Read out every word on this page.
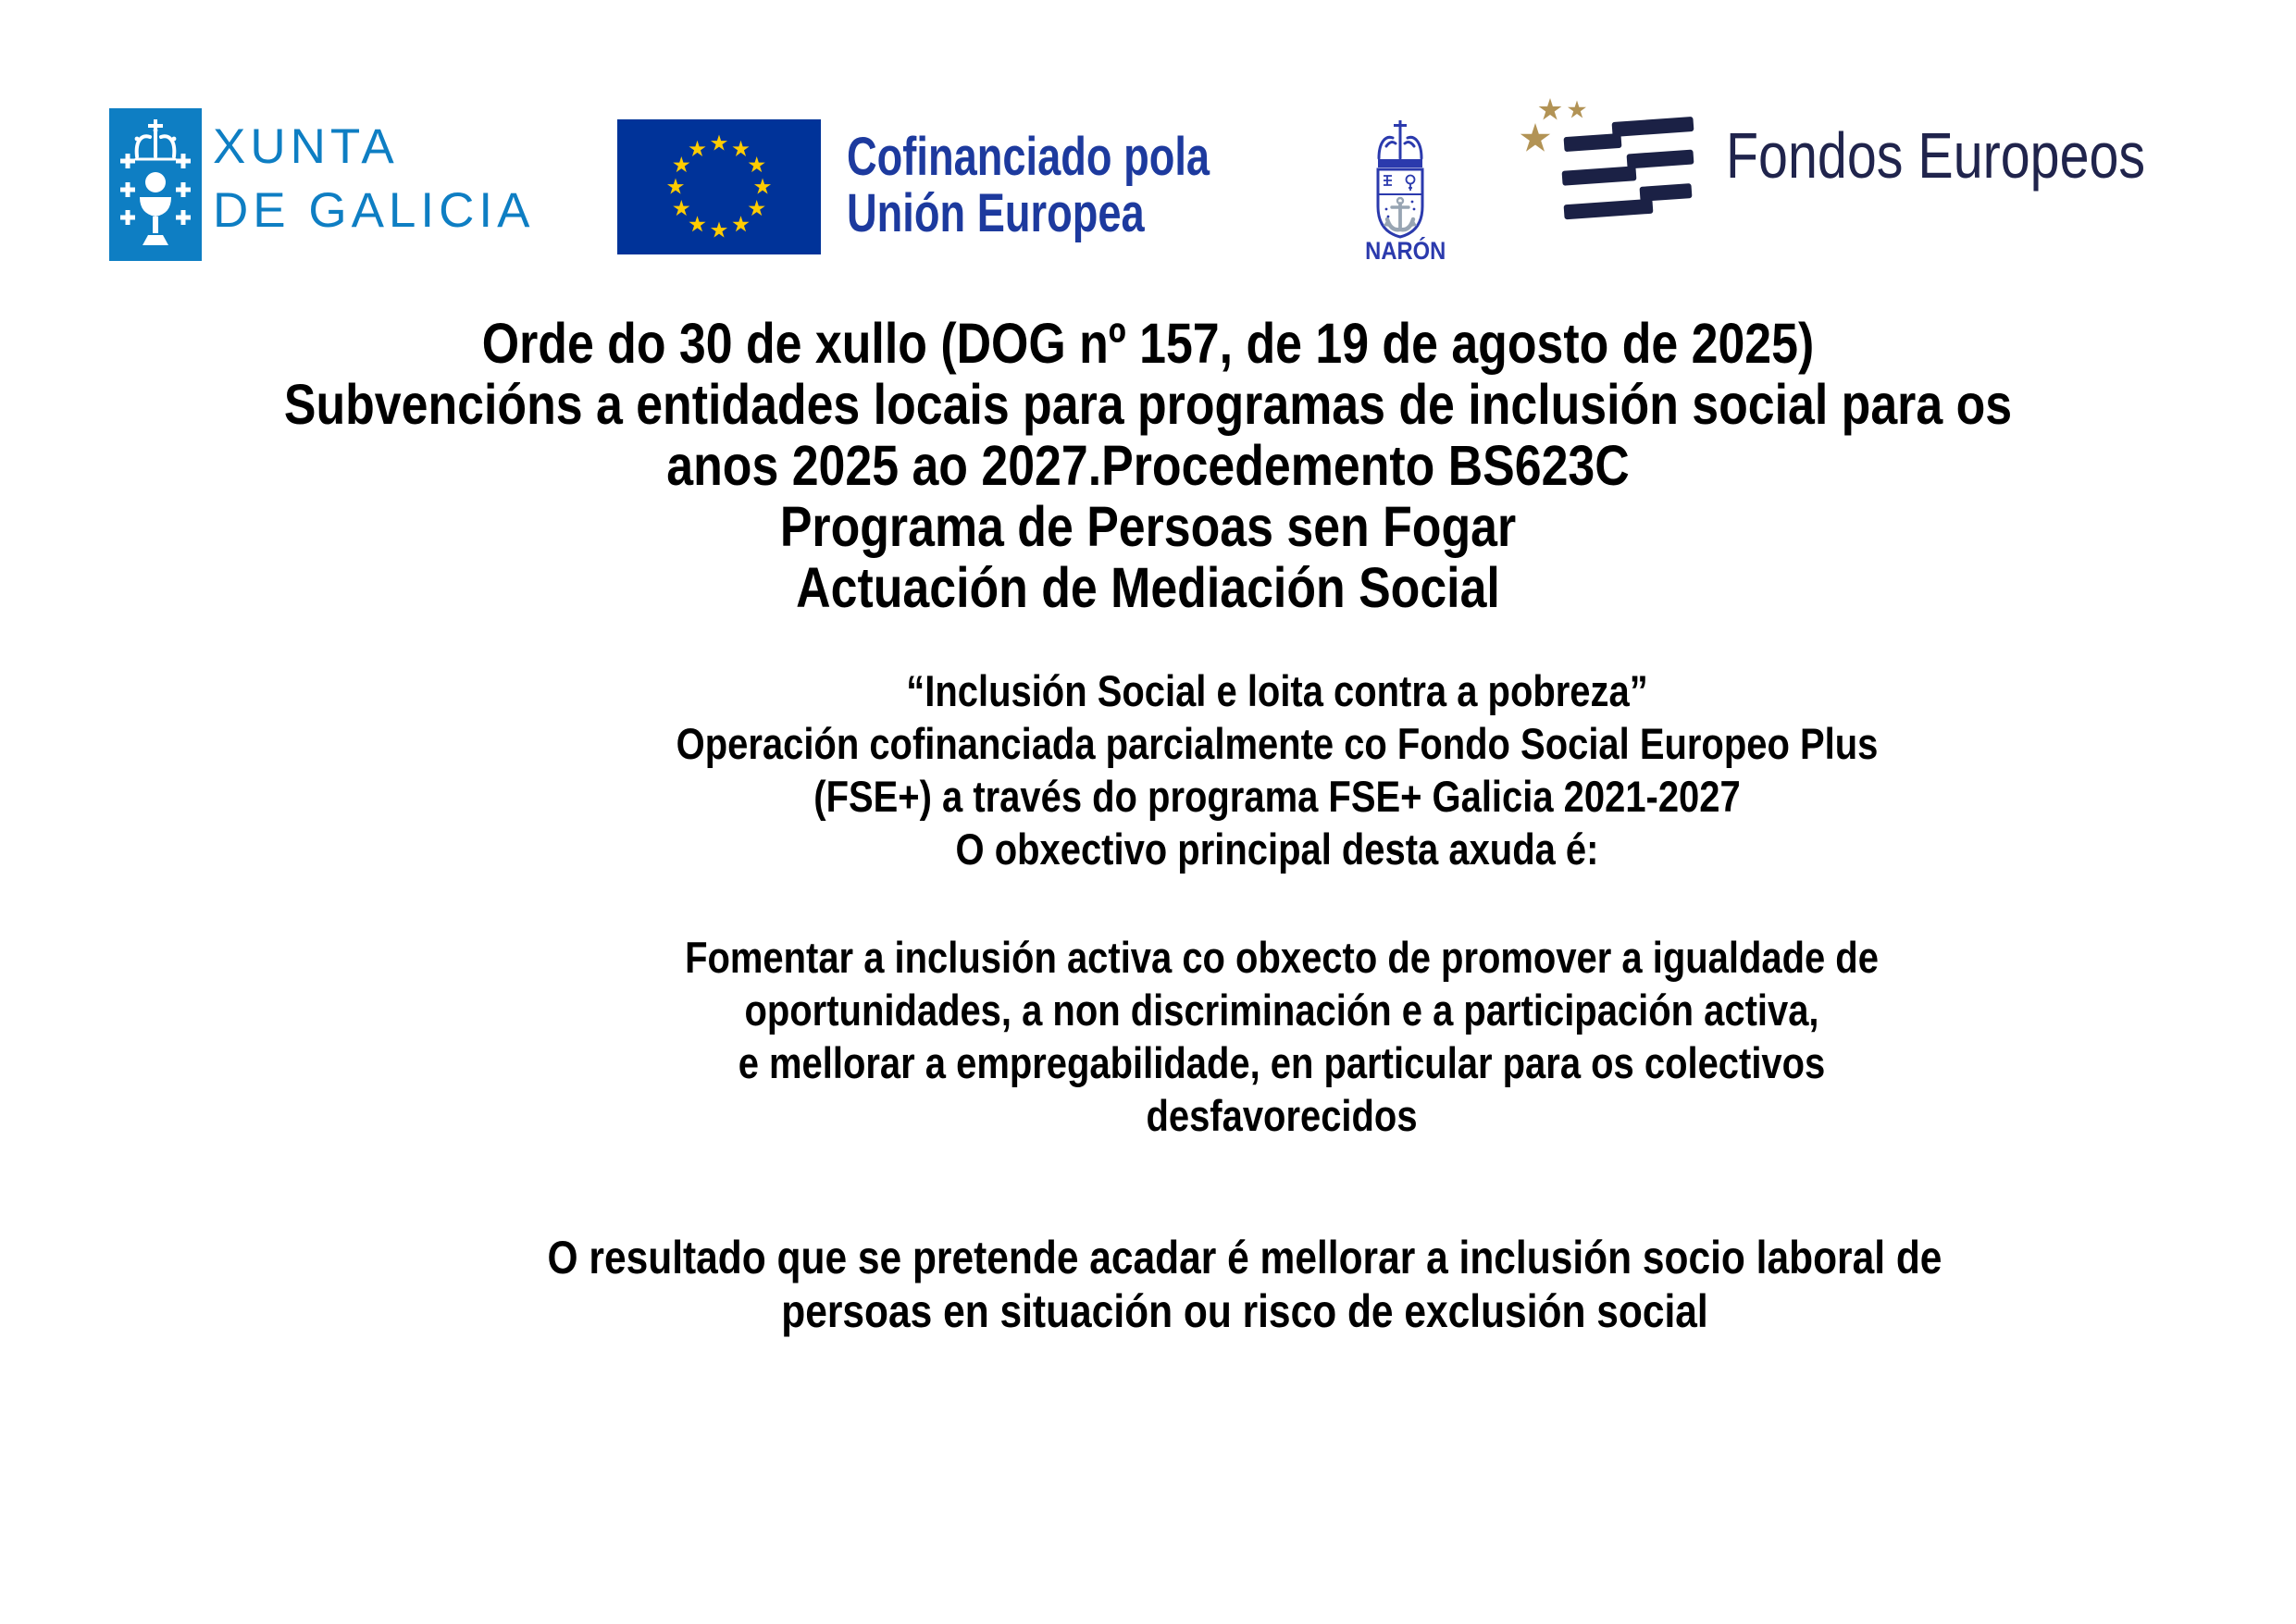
XUNTA
DE GALICIA
Cofinanciado pola
Unión Europea
NARÓN
Fondos Europeos
Orde do 30 de xullo (DOG nº 157, de 19 de agosto de 2025)
Subvencións a entidades locais para programas de inclusión social para os
anos 2025 ao 2027.Procedemento BS623C
Programa de Persoas sen Fogar
Actuación de Mediación Social
“Inclusión Social e loita contra a pobreza”
Operación cofinanciada parcialmente co Fondo Social Europeo Plus
(FSE+) a través do programa FSE+ Galicia 2021-2027
O obxectivo principal desta axuda é:
Fomentar a inclusión activa co obxecto de promover a igualdade de
oportunidades, a non discriminación e a participación activa,
e mellorar a empregabilidade, en particular para os colectivos
desfavorecidos
O resultado que se pretende acadar é mellorar a inclusión socio laboral de
persoas en situación ou risco de exclusión social
